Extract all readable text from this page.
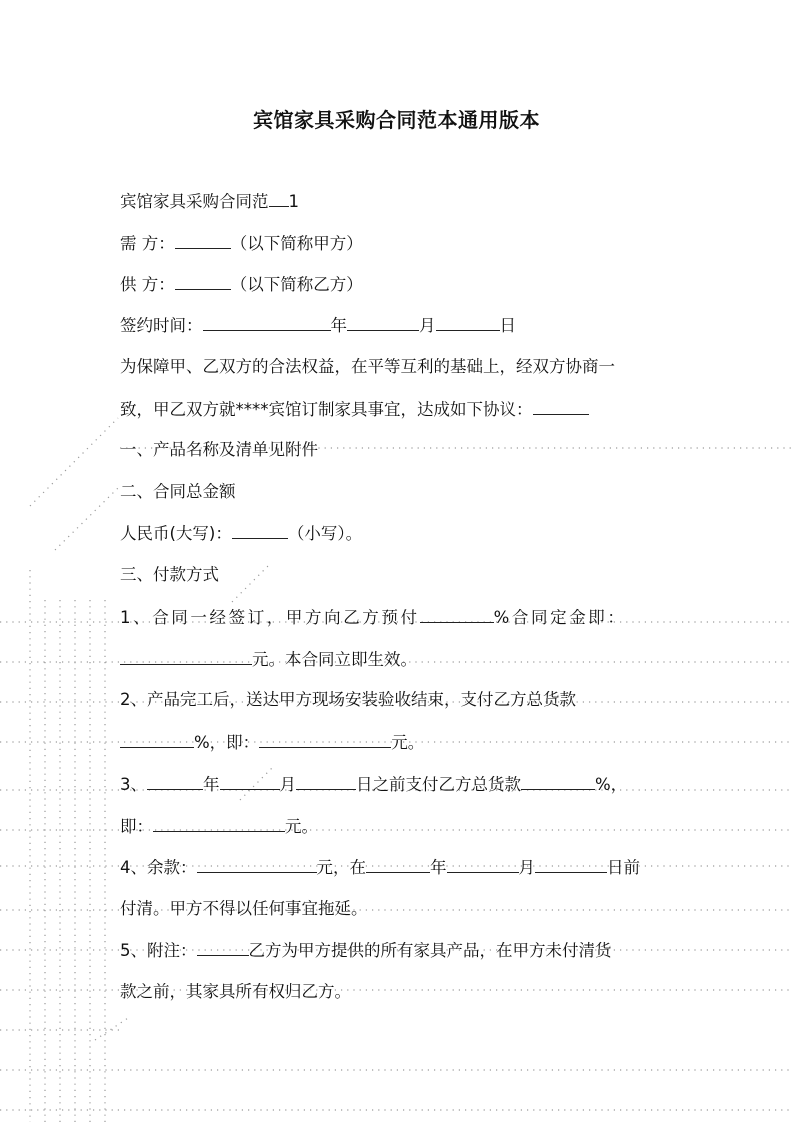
宾馆家具采购合同范本通用版本
宾馆家具采购合同范 1
需 方：	（以下简称甲方）
供 方：	（以下简称乙方）
签约时间：	年	月	日
为保障甲、乙双方的合法权益，在平等互利的基础上，经双方协商一
致，甲乙双方就****宾馆订制家具事宜，达成如下协议：
一、产品名称及清单见附件
二、合同总金额
人民币(大写)：	（小写）。
三、付款方式
1、合同一经签订，甲方向乙方预付	%合同定金即：
元。本合同立即生效。
2、产品完工后，送达甲方现场安装验收结束，支付乙方总货款
%，即：	元。
3、	年	月	日之前支付乙方总货款	%，
即：	元。
4、余款：	元，在	年	月	日前
付清。甲方不得以任何事宜拖延。
5、附注：	乙方为甲方提供的所有家具产品，在甲方未付清货
款之前，其家具所有权归乙方。
